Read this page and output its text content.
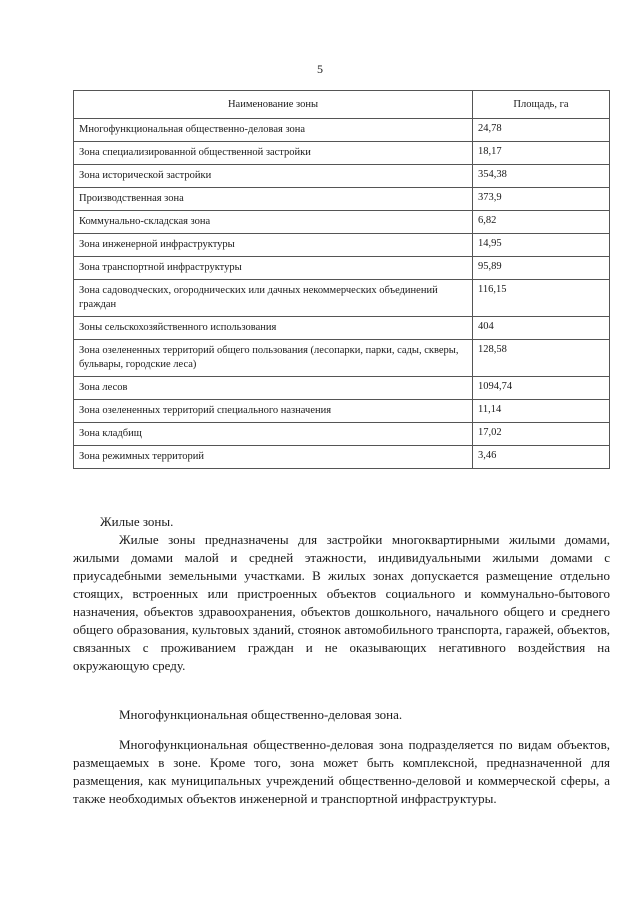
5
Наименование зоны	Площадь, га
Многофункциональная общественно-деловая зона	24,78
Зона специализированной общественной застройки	18,17
Зона исторической застройки	354,38
Производственная зона	373,9
Коммунально-складская зона	6,82
Зона инженерной инфраструктуры	14,95
Зона транспортной инфраструктуры	95,89
Зона садоводческих, огороднических или дачных некоммерческих объединений граждан	116,15
Зоны сельскохозяйственного использования	404
Зона озелененных территорий общего пользования (лесопарки, парки, сады, скверы, бульвары, городские леса)	128,58
Зона лесов	1094,74
Зона озелененных территорий специального назначения	11,14
Зона кладбищ	17,02
Зона режимных территорий	3,46

Жилые зоны.

Жилые зоны предназначены для застройки многоквартирными жилыми домами, жилыми домами малой и средней этажности, индивидуальными жилыми домами с приусадебными земельными участками. В жилых зонах допускается размещение отдельно стоящих, встроенных или пристроенных объектов социального и коммунально-бытового назначения, объектов здравоохранения, объектов дошкольного, начального общего и среднего общего образования, культовых зданий, стоянок автомобильного транспорта, гаражей, объектов, связанных с проживанием граждан и не оказывающих негативного воздействия на окружающую среду.

Многофункциональная общественно-деловая зона.

Многофункциональная общественно-деловая зона подразделяется по видам объектов, размещаемых в зоне. Кроме того, зона может быть комплексной, предназначенной для размещения, как муниципальных учреждений общественно-деловой и коммерческой сферы, а также необходимых объектов инженерной и транспортной инфраструктуры.
